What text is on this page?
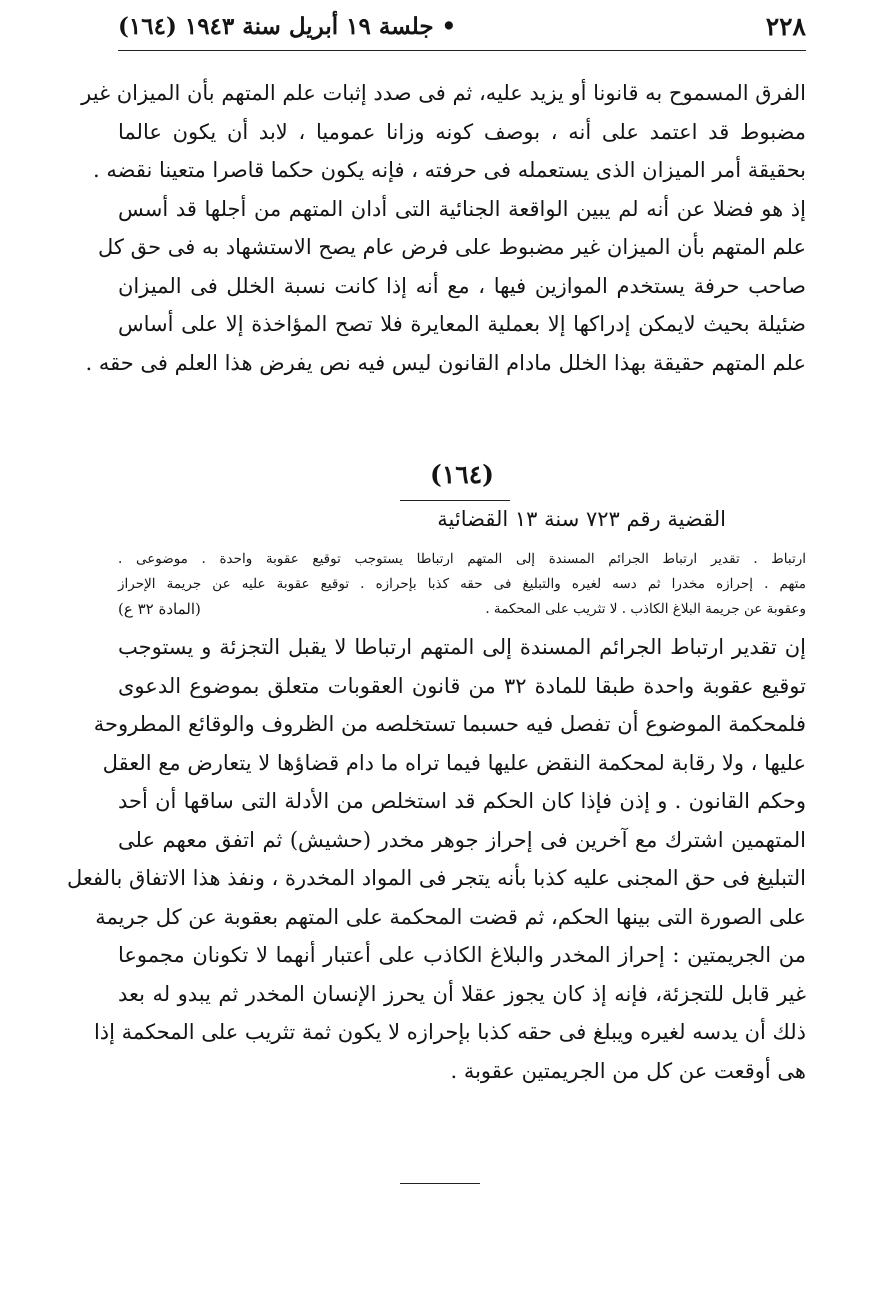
٢٢٨
• جلسة ١٩ أبريل سنة ١٩٤٣ (١٦٤)
الفرق المسموح به قانونا أو يزيد عليه، ثم فى صدد إثبات علم المتهم بأن الميزان غير
مضبوط قد اعتمد على أنه ، بوصف كونه وزانا عموميا ، لابد أن يكون عالما
بحقيقة أمر الميزان الذى يستعمله فى حرفته ، فإنه يكون حكما قاصرا متعينا نقضه .
إذ هو فضلا عن أنه لم يبين الواقعة الجنائية التى أدان المتهم من أجلها قد أسس
علم المتهم بأن الميزان غير مضبوط على فرض عام يصح الاستشهاد به فى حق كل
صاحب حرفة يستخدم الموازين فيها ، مع أنه إذا كانت نسبة الخلل فى الميزان
ضئيلة بحيث لايمكن إدراكها إلا بعملية المعايرة فلا تصح المؤاخذة إلا على أساس
علم المتهم حقيقة بهذا الخلل مادام القانون ليس فيه نص يفرض هذا العلم فى حقه .
(١٦٤)
القضية رقم ٧٢٣ سنة ١٣ القضائية
ارتباط . تقدير ارتباط الجرائم المسندة إلى المتهم ارتباطا يستوجب توقيع عقوبة واحدة . موضوعى .
متهم . إحرازه مخدرا ثم دسه لغيره والتبليغ فى حقه كذبا بإحرازه . توقيع عقوبة عليه عن جريمة الإحراز
وعقوبة عن جريمة البلاغ الكاذب . لا تثريب على المحكمة .
(المادة ٣٢ ع)
إن تقدير ارتباط الجرائم المسندة إلى المتهم ارتباطا لا يقبل التجزئة و يستوجب
توقيع عقوبة واحدة طبقا للمادة ٣٢ من قانون العقوبات متعلق بموضوع الدعوى
فلمحكمة الموضوع أن تفصل فيه حسبما تستخلصه من الظروف والوقائع المطروحة
عليها ، ولا رقابة لمحكمة النقض عليها فيما تراه ما دام قضاؤها لا يتعارض مع العقل
وحكم القانون . و إذن فإذا كان الحكم قد استخلص من الأدلة التى ساقها أن أحد
المتهمين اشترك مع آخرين فى إحراز جوهر مخدر (حشيش) ثم اتفق معهم على
التبليغ فى حق المجنى عليه كذبا بأنه يتجر فى المواد المخدرة ، ونفذ هذا الاتفاق بالفعل
على الصورة التى بينها الحكم، ثم قضت المحكمة على المتهم بعقوبة عن كل جريمة
من الجريمتين : إحراز المخدر والبلاغ الكاذب على أعتبار أنهما لا تكونان مجموعا
غير قابل للتجزئة، فإنه إذ كان يجوز عقلا أن يحرز الإنسان المخدر ثم يبدو له بعد
ذلك أن يدسه لغيره ويبلغ فى حقه كذبا بإحرازه لا يكون ثمة تثريب على المحكمة إذا
هى أوقعت عن كل من الجريمتين عقوبة .
